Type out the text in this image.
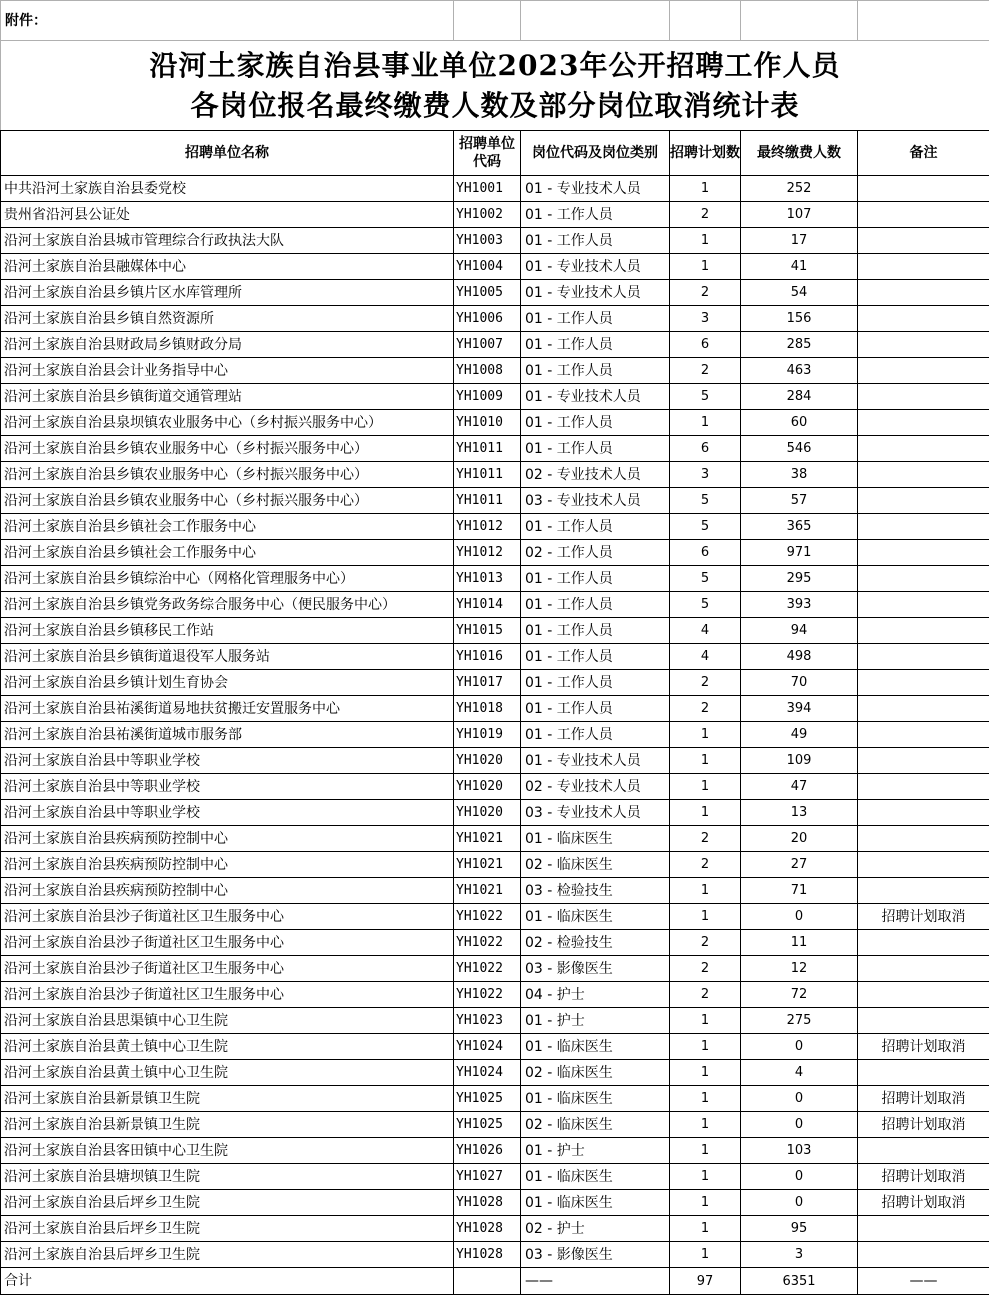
附件：					

沿河土家族自治县事业单位2023年公开招聘工作人员
各岗位报名最终缴费人数及部分岗位取消统计表					

招聘单位名称	招聘单位代码	岗位代码及岗位类别	招聘计划数	最终缴费人数	备注
中共沿河土家族自治县委党校	YH1001	01 - 专业技术人员	1	252	
贵州省沿河县公证处	YH1002	01 - 工作人员	2	107	
沿河土家族自治县城市管理综合行政执法大队	YH1003	01 - 工作人员	1	17	
沿河土家族自治县融媒体中心	YH1004	01 - 专业技术人员	1	41	
沿河土家族自治县乡镇片区水库管理所	YH1005	01 - 专业技术人员	2	54	
沿河土家族自治县乡镇自然资源所	YH1006	01 - 工作人员	3	156	
沿河土家族自治县财政局乡镇财政分局	YH1007	01 - 工作人员	6	285	
沿河土家族自治县会计业务指导中心	YH1008	01 - 工作人员	2	463	
沿河土家族自治县乡镇街道交通管理站	YH1009	01 - 专业技术人员	5	284	
沿河土家族自治县泉坝镇农业服务中心（乡村振兴服务中心）	YH1010	01 - 工作人员	1	60	
沿河土家族自治县乡镇农业服务中心（乡村振兴服务中心）	YH1011	01 - 工作人员	6	546	
沿河土家族自治县乡镇农业服务中心（乡村振兴服务中心）	YH1011	02 - 专业技术人员	3	38	
沿河土家族自治县乡镇农业服务中心（乡村振兴服务中心）	YH1011	03 - 专业技术人员	5	57	
沿河土家族自治县乡镇社会工作服务中心	YH1012	01 - 工作人员	5	365	
沿河土家族自治县乡镇社会工作服务中心	YH1012	02 - 工作人员	6	971	
沿河土家族自治县乡镇综治中心（网格化管理服务中心）	YH1013	01 - 工作人员	5	295	
沿河土家族自治县乡镇党务政务综合服务中心（便民服务中心）	YH1014	01 - 工作人员	5	393	
沿河土家族自治县乡镇移民工作站	YH1015	01 - 工作人员	4	94	
沿河土家族自治县乡镇街道退役军人服务站	YH1016	01 - 工作人员	4	498	
沿河土家族自治县乡镇计划生育协会	YH1017	01 - 工作人员	2	70	
沿河土家族自治县祐溪街道易地扶贫搬迁安置服务中心	YH1018	01 - 工作人员	2	394	
沿河土家族自治县祐溪街道城市服务部	YH1019	01 - 工作人员	1	49	
沿河土家族自治县中等职业学校	YH1020	01 - 专业技术人员	1	109	
沿河土家族自治县中等职业学校	YH1020	02 - 专业技术人员	1	47	
沿河土家族自治县中等职业学校	YH1020	03 - 专业技术人员	1	13	
沿河土家族自治县疾病预防控制中心	YH1021	01 - 临床医生	2	20	
沿河土家族自治县疾病预防控制中心	YH1021	02 - 临床医生	2	27	
沿河土家族自治县疾病预防控制中心	YH1021	03 - 检验技生	1	71	
沿河土家族自治县沙子街道社区卫生服务中心	YH1022	01 - 临床医生	1	0	招聘计划取消
沿河土家族自治县沙子街道社区卫生服务中心	YH1022	02 - 检验技生	2	11	
沿河土家族自治县沙子街道社区卫生服务中心	YH1022	03 - 影像医生	2	12	
沿河土家族自治县沙子街道社区卫生服务中心	YH1022	04 - 护士	2	72	
沿河土家族自治县思渠镇中心卫生院	YH1023	01 - 护士	1	275	
沿河土家族自治县黄土镇中心卫生院	YH1024	01 - 临床医生	1	0	招聘计划取消
沿河土家族自治县黄土镇中心卫生院	YH1024	02 - 临床医生	1	4	
沿河土家族自治县新景镇卫生院	YH1025	01 - 临床医生	1	0	招聘计划取消
沿河土家族自治县新景镇卫生院	YH1025	02 - 临床医生	1	0	招聘计划取消
沿河土家族自治县客田镇中心卫生院	YH1026	01 - 护士	1	103	
沿河土家族自治县塘坝镇卫生院	YH1027	01 - 临床医生	1	0	招聘计划取消
沿河土家族自治县后坪乡卫生院	YH1028	01 - 临床医生	1	0	招聘计划取消
沿河土家族自治县后坪乡卫生院	YH1028	02 - 护士	1	95	
沿河土家族自治县后坪乡卫生院	YH1028	03 - 影像医生	1	3	
合计		——	97	6351	——
